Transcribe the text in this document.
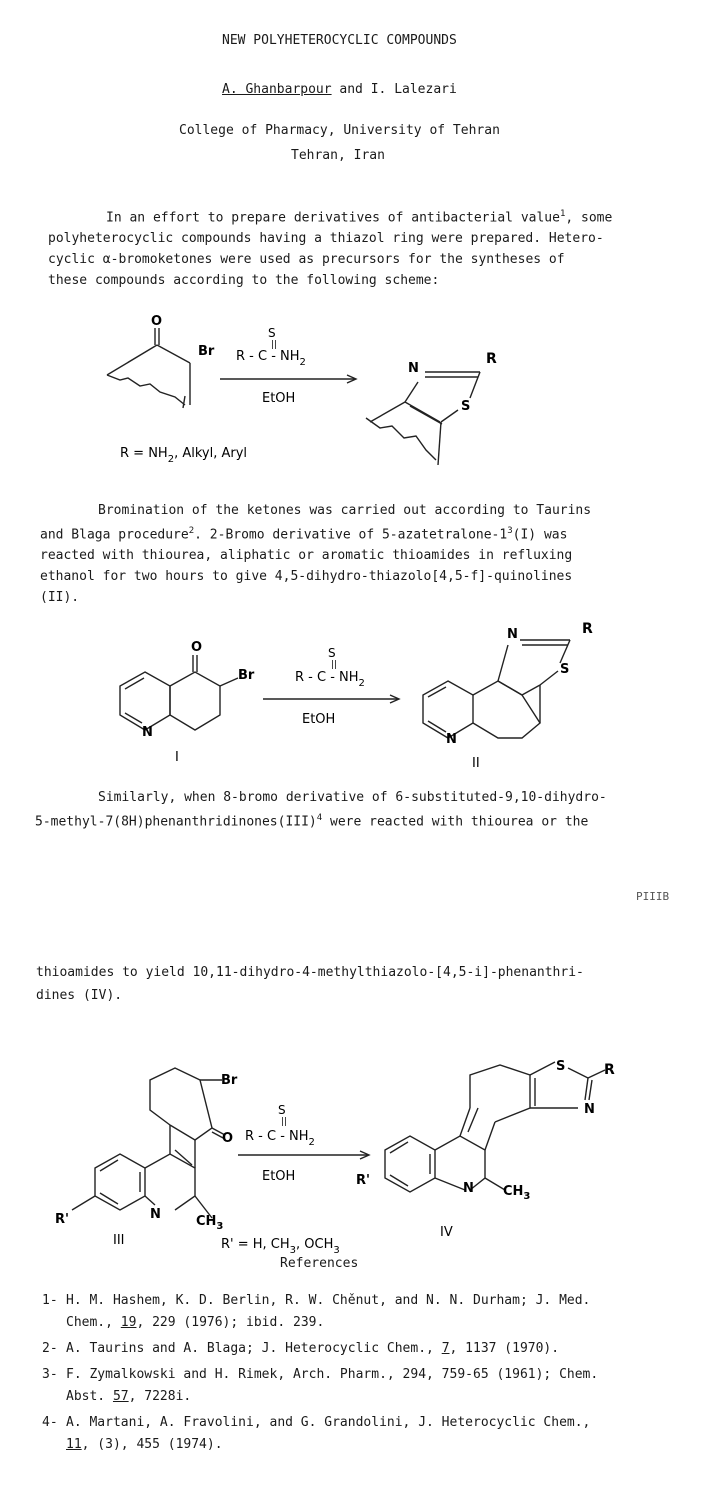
NEW POLYHETEROCYCLIC COMPOUNDS
A. Ghanbarpour and I. Lalezari
College of Pharmacy, University of Tehran
Tehran, Iran

In an effort to prepare derivatives of antibacterial value$^1$, some

polyheterocyclic compounds having a thiazol ring were prepared. Hetero-

cyclic α-bromoketones were used as precursors for the syntheses of

these compounds according to the following scheme:

O
Br
S
||
R - C - $NH_2$
EtOH
N
R
S
$R = NH_2$, Alkyl, Aryl

Bromination of the ketones was carried out according to Taurins

and Blaga procedure$^2$. 2-Bromo derivative of $5-azatetralone-1^3(I)$ was

reacted with thiourea, aliphatic or aromatic thioamides in refluxing

ethanol for two hours to give 4,5-dihydro-thiazolo[4,5-f]-quinolines

(II).

O
Br
N
S
||
R - C - $NH_2$
EtOH
N	R
S
N
I	II

Similarly, when 8-bromo derivative of 6-substituted-9,10-dihydro-

5-methyl-7(8H)phenanthridinones(III)$^4$ were reacted with thiourea or the

PIIIB

thioamides to yield 10,11-dihydro-4-methylthiazolo-[4,5-i]-phenanthri-

dines (IV).

Br
O
N	$CH_3$
R'
S
||
R - C - $NH_2$
EtOH	R'
N $CH_3$
S	R
N
III
IV
R' = H, $CH_3$, $OCH_3$
References
1- H. M. Hashem, K. D. Berlin, R. W. Chěnut, and N. N. Durham; J. Med.
Chem., 19, 229 (1976); ibid. 239.
2- A. Taurins and A. Blaga; J. Heterocyclic Chem., 7, 1137 (1970).
3- F. Zymalkowski and H. Rimek, Arch. Pharm., 294, 759-65 (1961); Chem.
Abst. 57, 7228i.
4- A. Martani, A. Fravolini, and G. Grandolini, J. Heterocyclic Chem.,
11, (3), 455 (1974).
